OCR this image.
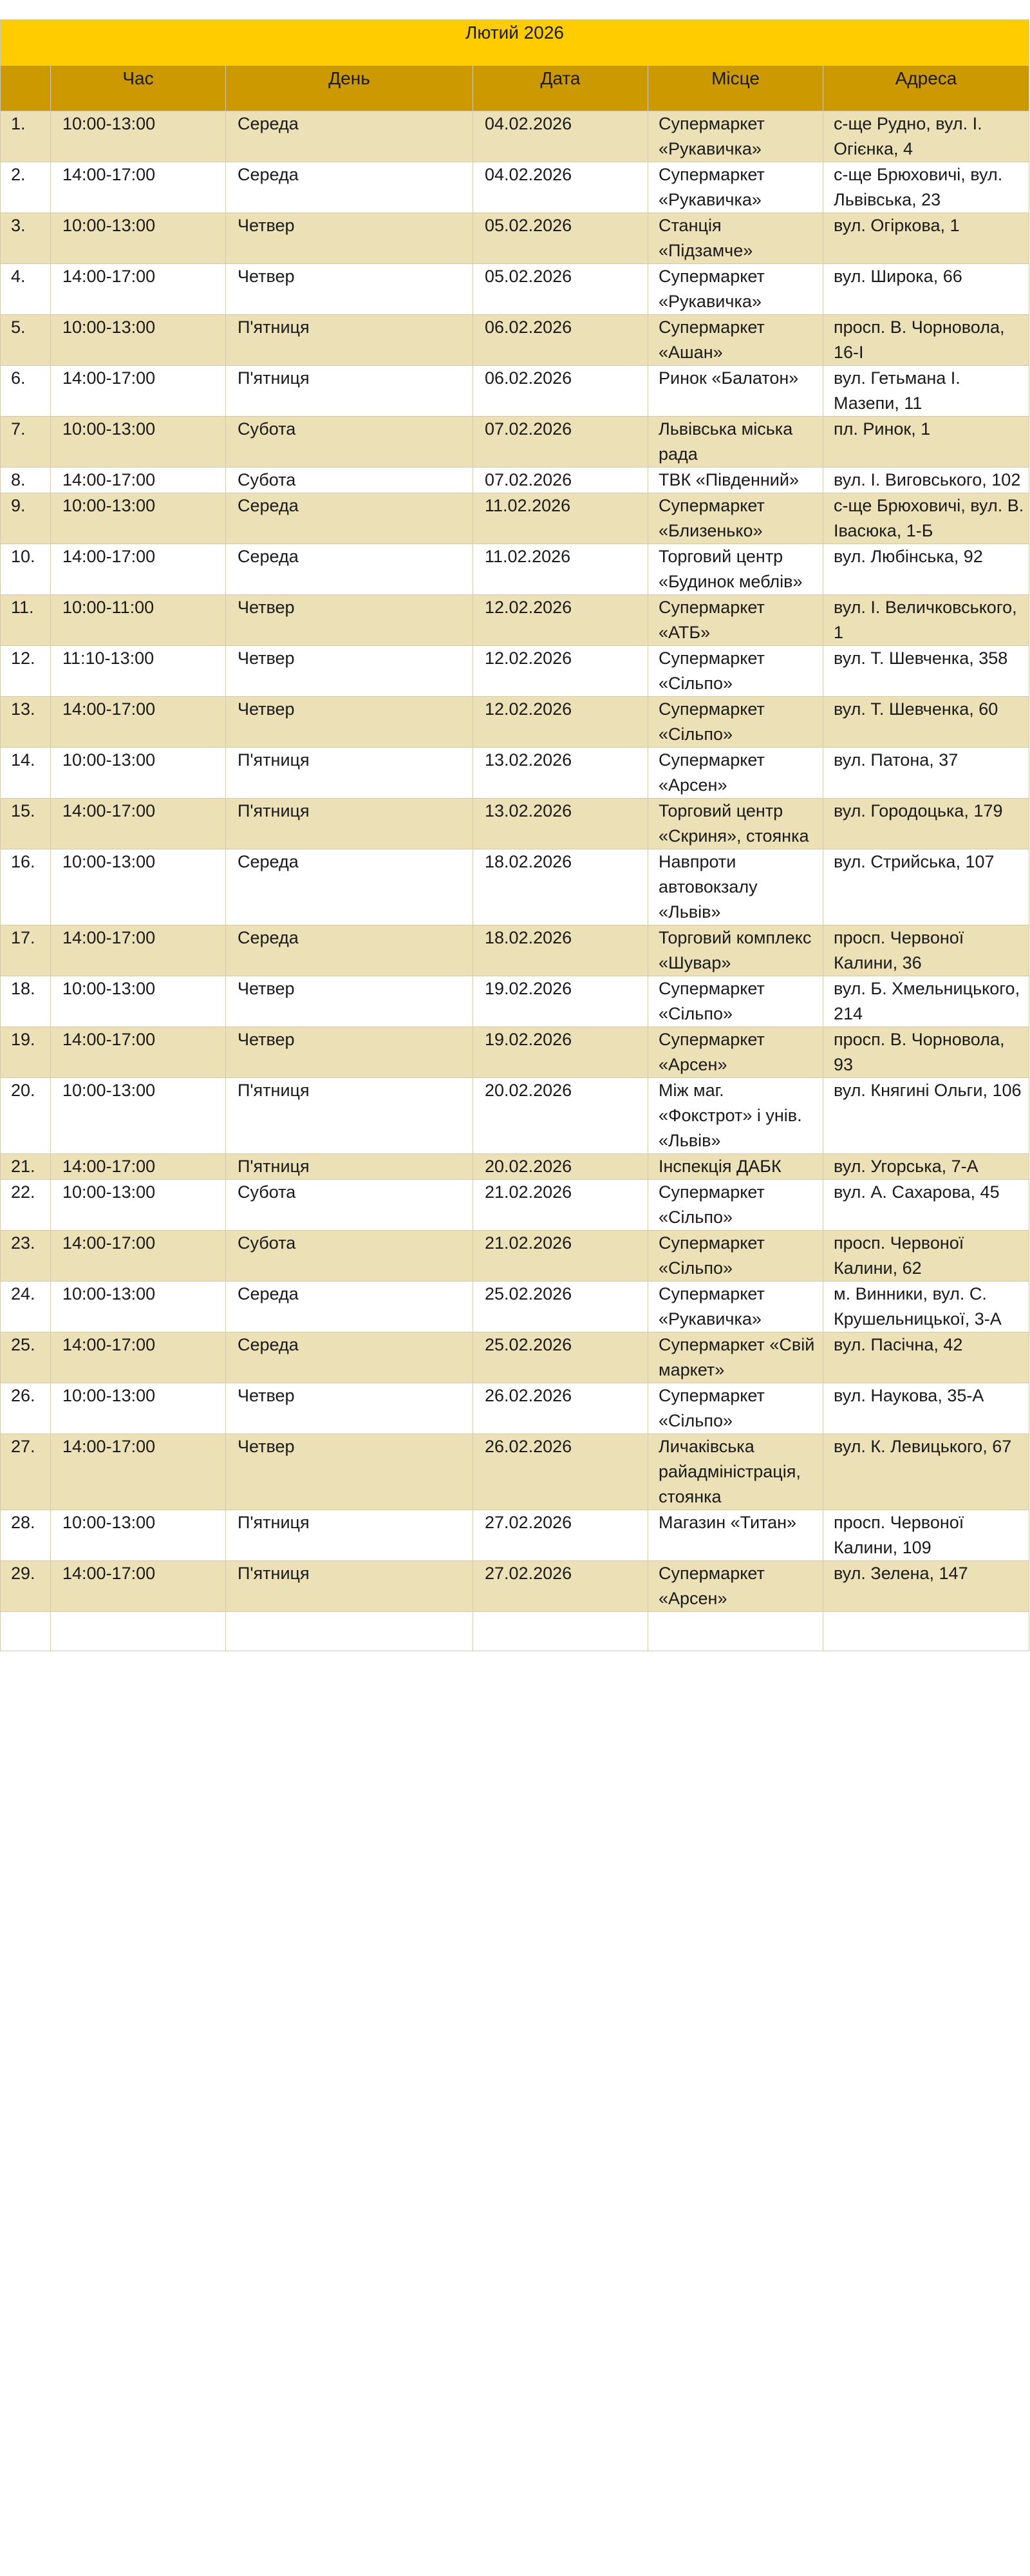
Лютий 2026					
	Час	День	Дата	Місце	Адреса
1.	10:00-13:00	Середа	04.02.2026	Супермаркет «Рукавичка»	с-ще Рудно, вул. І. Огієнка, 4
2.	14:00-17:00	Середа	04.02.2026	Супермаркет «Рукавичка»	с-ще Брюховичі, вул. Львівська, 23
3.	10:00-13:00	Четвер	05.02.2026	Станція «Підзамче»	вул. Огіркова, 1
4.	14:00-17:00	Четвер	05.02.2026	Супермаркет «Рукавичка»	вул. Широка, 66
5.	10:00-13:00	П'ятниця	06.02.2026	Супермаркет «Ашан»	просп. В. Чорновола, 16-І
6.	14:00-17:00	П'ятниця	06.02.2026	Ринок «Балатон»	вул. Гетьмана І. Мазепи, 11
7.	10:00-13:00	Субота	07.02.2026	Львівська міська рада	пл. Ринок, 1
8.	14:00-17:00	Субота	07.02.2026	ТВК «Південний»	вул. І. Виговського, 102
9.	10:00-13:00	Середа	11.02.2026	Супермаркет «Близенько»	с-ще Брюховичі, вул. В. Івасюка, 1-Б
10.	14:00-17:00	Середа	11.02.2026	Торговий центр «Будинок меблів»	вул. Любінська, 92
11.	10:00-11:00	Четвер	12.02.2026	Супермаркет «АТБ»	вул. І. Величковського, 1
12.	11:10-13:00	Четвер	12.02.2026	Супермаркет «Сільпо»	вул. Т. Шевченка, 358
13.	14:00-17:00	Четвер	12.02.2026	Супермаркет «Сільпо»	вул. Т. Шевченка, 60
14.	10:00-13:00	П'ятниця	13.02.2026	Супермаркет «Арсен»	вул. Патона, 37
15.	14:00-17:00	П'ятниця	13.02.2026	Торговий центр «Скриня», стоянка	вул. Городоцька, 179
16.	10:00-13:00	Середа	18.02.2026	Навпроти автовокзалу «Львів»	вул. Стрийська, 107
17.	14:00-17:00	Середа	18.02.2026	Торговий комплекс «Шувар»	просп. Червоної Калини, 36
18.	10:00-13:00	Четвер	19.02.2026	Супермаркет «Сільпо»	вул. Б. Хмельницького, 214
19.	14:00-17:00	Четвер	19.02.2026	Супермаркет «Арсен»	просп. В. Чорновола, 93
20.	10:00-13:00	П'ятниця	20.02.2026	Між маг. «Фокстрот» і унів. «Львів»	вул. Княгині Ольги, 106
21.	14:00-17:00	П'ятниця	20.02.2026	Інспекція ДАБК	вул. Угорська, 7-А
22.	10:00-13:00	Субота	21.02.2026	Супермаркет «Сільпо»	вул. А. Сахарова, 45
23.	14:00-17:00	Субота	21.02.2026	Супермаркет «Сільпо»	просп. Червоної Калини, 62
24.	10:00-13:00	Середа	25.02.2026	Супермаркет «Рукавичка»	м. Винники, вул. С. Крушельницької, 3-А
25.	14:00-17:00	Середа	25.02.2026	Супермаркет «Свій маркет»	вул. Пасічна, 42
26.	10:00-13:00	Четвер	26.02.2026	Супермаркет «Сільпо»	вул. Наукова, 35-А
27.	14:00-17:00	Четвер	26.02.2026	Личаківська райадміністрація, стоянка	вул. К. Левицького, 67
28.	10:00-13:00	П'ятниця	27.02.2026	Магазин «Титан»	просп. Червоної Калини, 109
29.	14:00-17:00	П'ятниця	27.02.2026	Супермаркет «Арсен»	вул. Зелена, 147
